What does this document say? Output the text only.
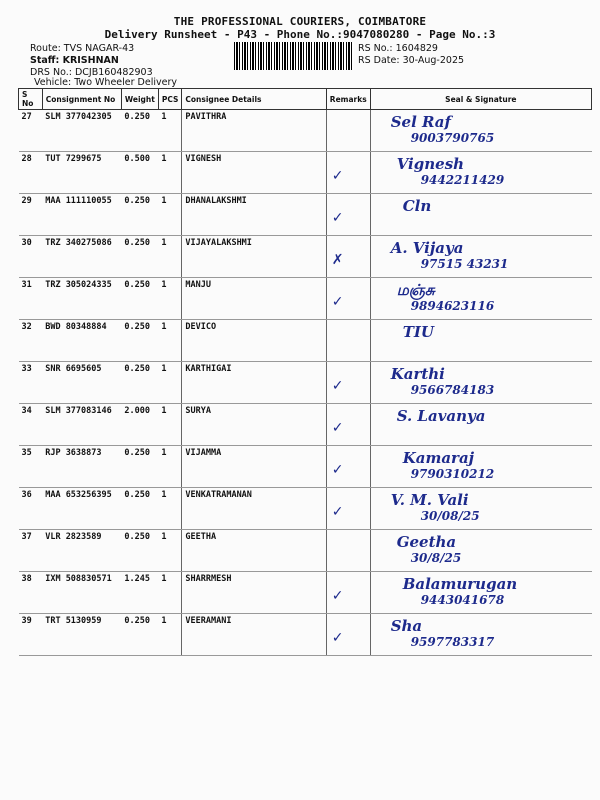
THE PROFESSIONAL COURIERS, COIMBATORE
Delivery Runsheet - P43 - Phone No.:9047080280 - Page No.:3
Route: TVS NAGAR-43
Staff: KRISHNAN
DRS No.: DCJB160482903
Vehicle: Two Wheeler Delivery
RS No.: 1604829
RS Date: 30-Aug-2025
S No	Consignment No	Weight	PCS	Consignee Details	Remarks	Seal & Signature
27	SLM 377042305	0.250	1	PAVITHRA		Sel Raf
9003790765

28	TUT 7299675	0.500	1	VIGNESH	✓	Vignesh
9442211429

29	MAA 111110055	0.250	1	DHANALAKSHMI	✓	Cln

30	TRZ 340275086	0.250	1	VIJAYALAKSHMI	✗	A. Vijaya
97515 43231

31	TRZ 305024335	0.250	1	MANJU	✓	மஞ்சு
9894623116

32	BWD 80348884	0.250	1	DEVICO		TIU

33	SNR 6695605	0.250	1	KARTHIGAI	✓	Karthi
9566784183

34	SLM 377083146	2.000	1	SURYA	✓	S. Lavanya

35	RJP 3638873	0.250	1	VIJAMMA	✓	Kamaraj
9790310212

36	MAA 653256395	0.250	1	VENKATRAMANAN	✓	V. M. Vali
30/08/25

37	VLR 2823589	0.250	1	GEETHA		Geetha
30/8/25

38	IXM 508830571	1.245	1	SHARRMESH	✓	Balamurugan
9443041678

39	TRT 5130959	0.250	1	VEERAMANI	✓	Sha
9597783317
